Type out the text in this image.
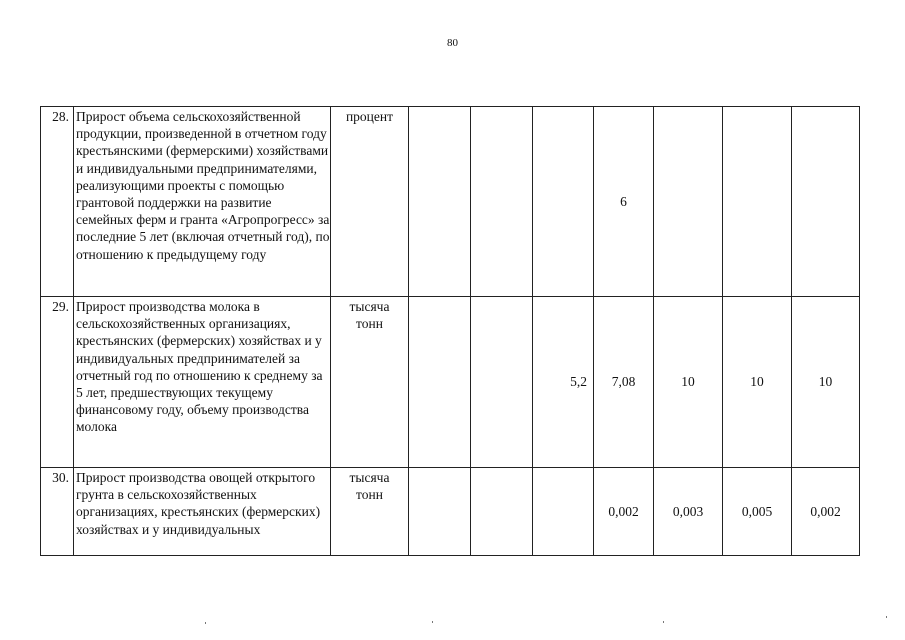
80
28.	Прирост объема сельскохозяйственной продукции, произведенной в отчетном году крестьянскими (фермерскими) хозяйствами и индивидуальными предпринимателями, реализующими проекты с помощью грантовой поддержки на развитие семейных ферм и гранта «Агропрогресс» за последние 5 лет (включая отчетный год), по отношению к предыдущему году	процент				6			
29.	Прирост производства молока в сельскохозяйственных организациях, крестьянских (фермерских) хозяйствах и у индивидуальных предпринимателей за отчетный год по отношению к среднему за 5 лет, предшествующих текущему финансовому году, объему производства молока	тысяча тонн			5,2	7,08	10	10	10
30.	Прирост производства овощей открытого грунта в сельскохозяйственных организациях, крестьянских (фермерских) хозяйствах и у индивидуальных	тысяча тонн				0,002	0,003	0,005	0,002
